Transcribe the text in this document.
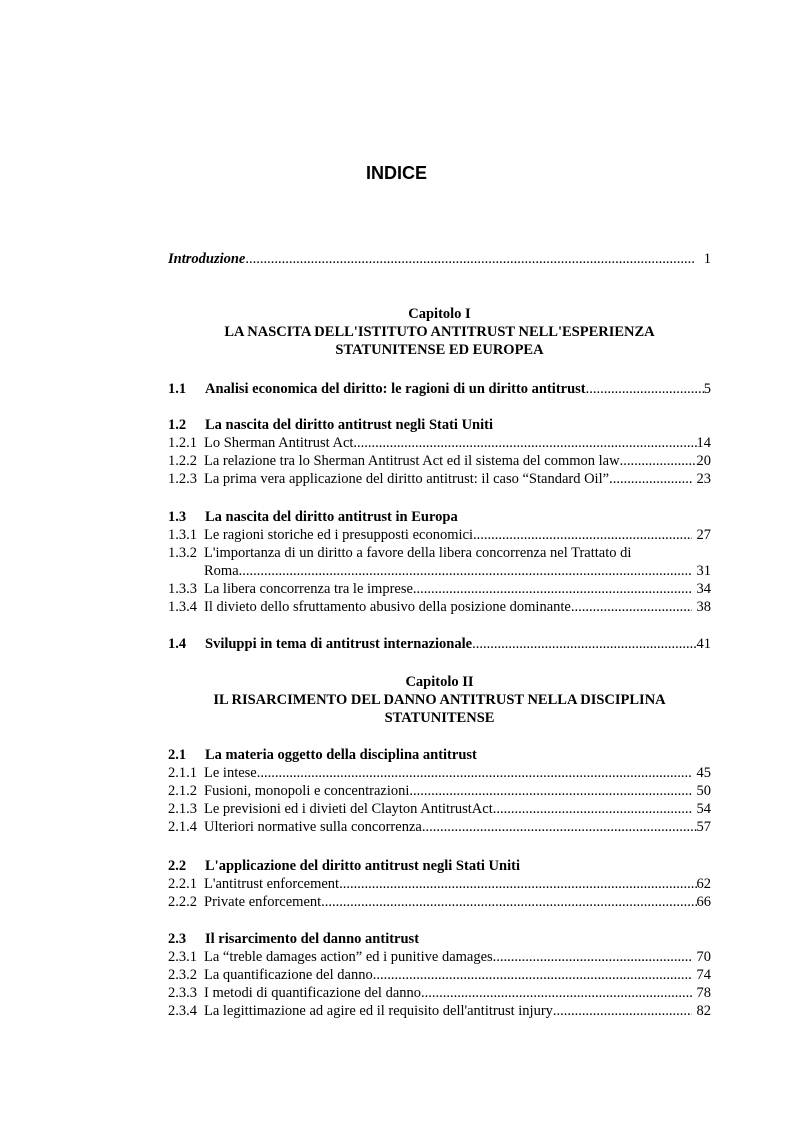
INDICE
Introduzione .....	1
Capitolo I
LA NASCITA DELL'ISTITUTO ANTITRUST NELL'ESPERIENZA
STATUNITENSE ED EUROPEA
1.1 Analisi economica del diritto: le ragioni di un diritto antitrust .....	5
1.2 La nascita del diritto antitrust negli Stati Uniti
1.2.1 Lo Sherman Antitrust Act .....	14
1.2.2 La relazione tra lo Sherman Antitrust Act ed il sistema del common law .....	20
1.2.3 La prima vera applicazione del diritto antitrust: il caso “Standard Oil” .....	23
1.3 La nascita del diritto antitrust in Europa
1.3.1 Le ragioni storiche ed i presupposti economici .....	27
1.3.2 L'importanza di un diritto a favore della libera concorrenza nel Trattato di
Roma .....	31
1.3.3 La libera concorrenza tra le imprese .....	34
1.3.4 Il divieto dello sfruttamento abusivo della posizione dominante .....	38
1.4 Sviluppi in tema di antitrust internazionale .....	41
Capitolo II
IL RISARCIMENTO DEL DANNO ANTITRUST NELLA DISCIPLINA
STATUNITENSE
2.1 La materia oggetto della disciplina antitrust
2.1.1 Le intese .....	45
2.1.2 Fusioni, monopoli e concentrazioni .....	50
2.1.3 Le previsioni ed i divieti del Clayton AntitrustAct .....	54
2.1.4 Ulteriori normative sulla concorrenza .....	57
2.2 L'applicazione del diritto antitrust negli Stati Uniti
2.2.1 L'antitrust enforcement .....	62
2.2.2 Private enforcement .....	66
2.3 Il risarcimento del danno antitrust
2.3.1 La “treble damages action” ed i punitive damages .....	70
2.3.2 La quantificazione del danno .....	74
2.3.3 I metodi di quantificazione del danno .....	78
2.3.4 La legittimazione ad agire ed il requisito dell'antitrust injury .....	82
